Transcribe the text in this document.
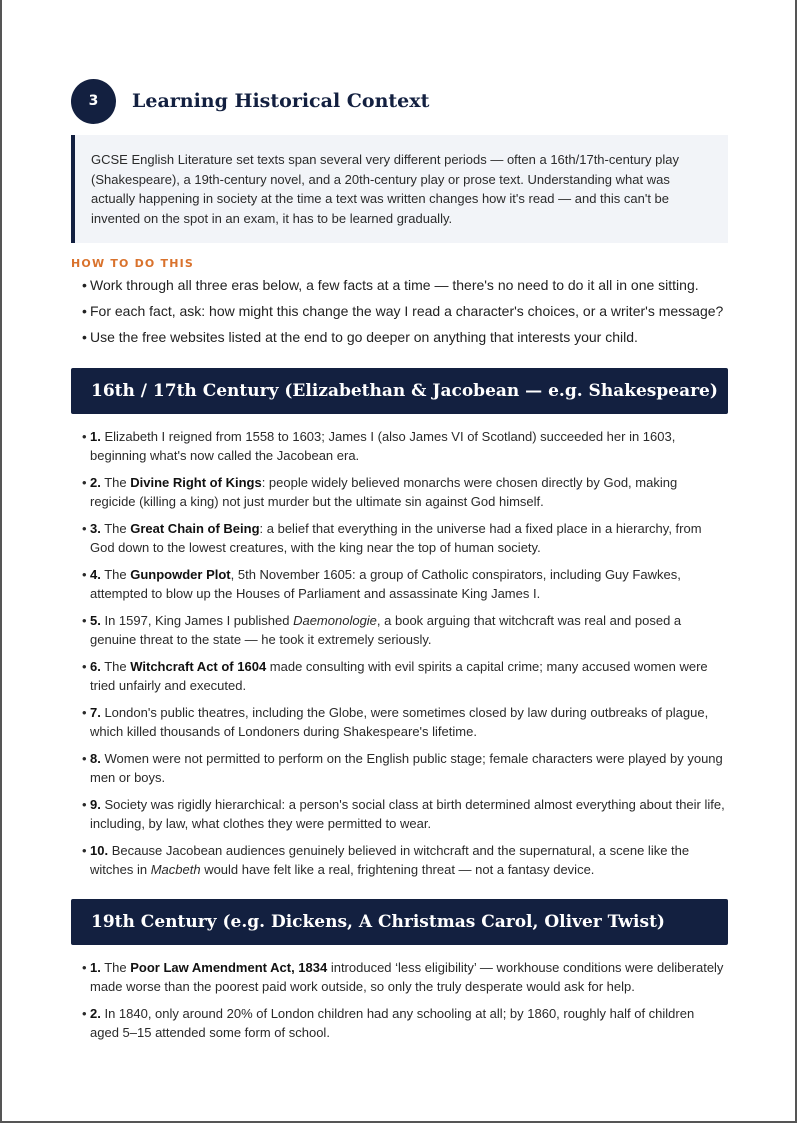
3	Learning Historical Context
GCSE English Literature set texts span several very different periods — often a 16th/17th-century play (Shakespeare), a 19th-century novel, and a 20th-century play or prose text. Understanding what was actually happening in society at the time a text was written changes how it's read — and this can't be invented on the spot in an exam, it has to be learned gradually.
HOW TO DO THIS
• Work through all three eras below, a few facts at a time — there's no need to do it all in one sitting.
• For each fact, ask: how might this change the way I read a character's choices, or a writer's message?
• Use the free websites listed at the end to go deeper on anything that interests your child.
16th / 17th Century (Elizabethan & Jacobean — e.g. Shakespeare)
• 1. Elizabeth I reigned from 1558 to 1603; James I (also James VI of Scotland) succeeded her in 1603, beginning what's now called the Jacobean era.
• 2. The Divine Right of Kings: people widely believed monarchs were chosen directly by God, making regicide (killing a king) not just murder but the ultimate sin against God himself.
• 3. The Great Chain of Being: a belief that everything in the universe had a fixed place in a hierarchy, from God down to the lowest creatures, with the king near the top of human society.
• 4. The Gunpowder Plot, 5th November 1605: a group of Catholic conspirators, including Guy Fawkes, attempted to blow up the Houses of Parliament and assassinate King James I.
• 5. In 1597, King James I published Daemonologie, a book arguing that witchcraft was real and posed a genuine threat to the state — he took it extremely seriously.
• 6. The Witchcraft Act of 1604 made consulting with evil spirits a capital crime; many accused women were tried unfairly and executed.
• 7. London's public theatres, including the Globe, were sometimes closed by law during outbreaks of plague, which killed thousands of Londoners during Shakespeare's lifetime.
• 8. Women were not permitted to perform on the English public stage; female characters were played by young men or boys.
• 9. Society was rigidly hierarchical: a person's social class at birth determined almost everything about their life, including, by law, what clothes they were permitted to wear.
• 10. Because Jacobean audiences genuinely believed in witchcraft and the supernatural, a scene like the witches in Macbeth would have felt like a real, frightening threat — not a fantasy device.
19th Century (e.g. Dickens, A Christmas Carol, Oliver Twist)
• 1. The Poor Law Amendment Act, 1834 introduced ‘less eligibility’ — workhouse conditions were deliberately made worse than the poorest paid work outside, so only the truly desperate would ask for help.
• 2. In 1840, only around 20% of London children had any schooling at all; by 1860, roughly half of children aged 5–15 attended some form of school.
